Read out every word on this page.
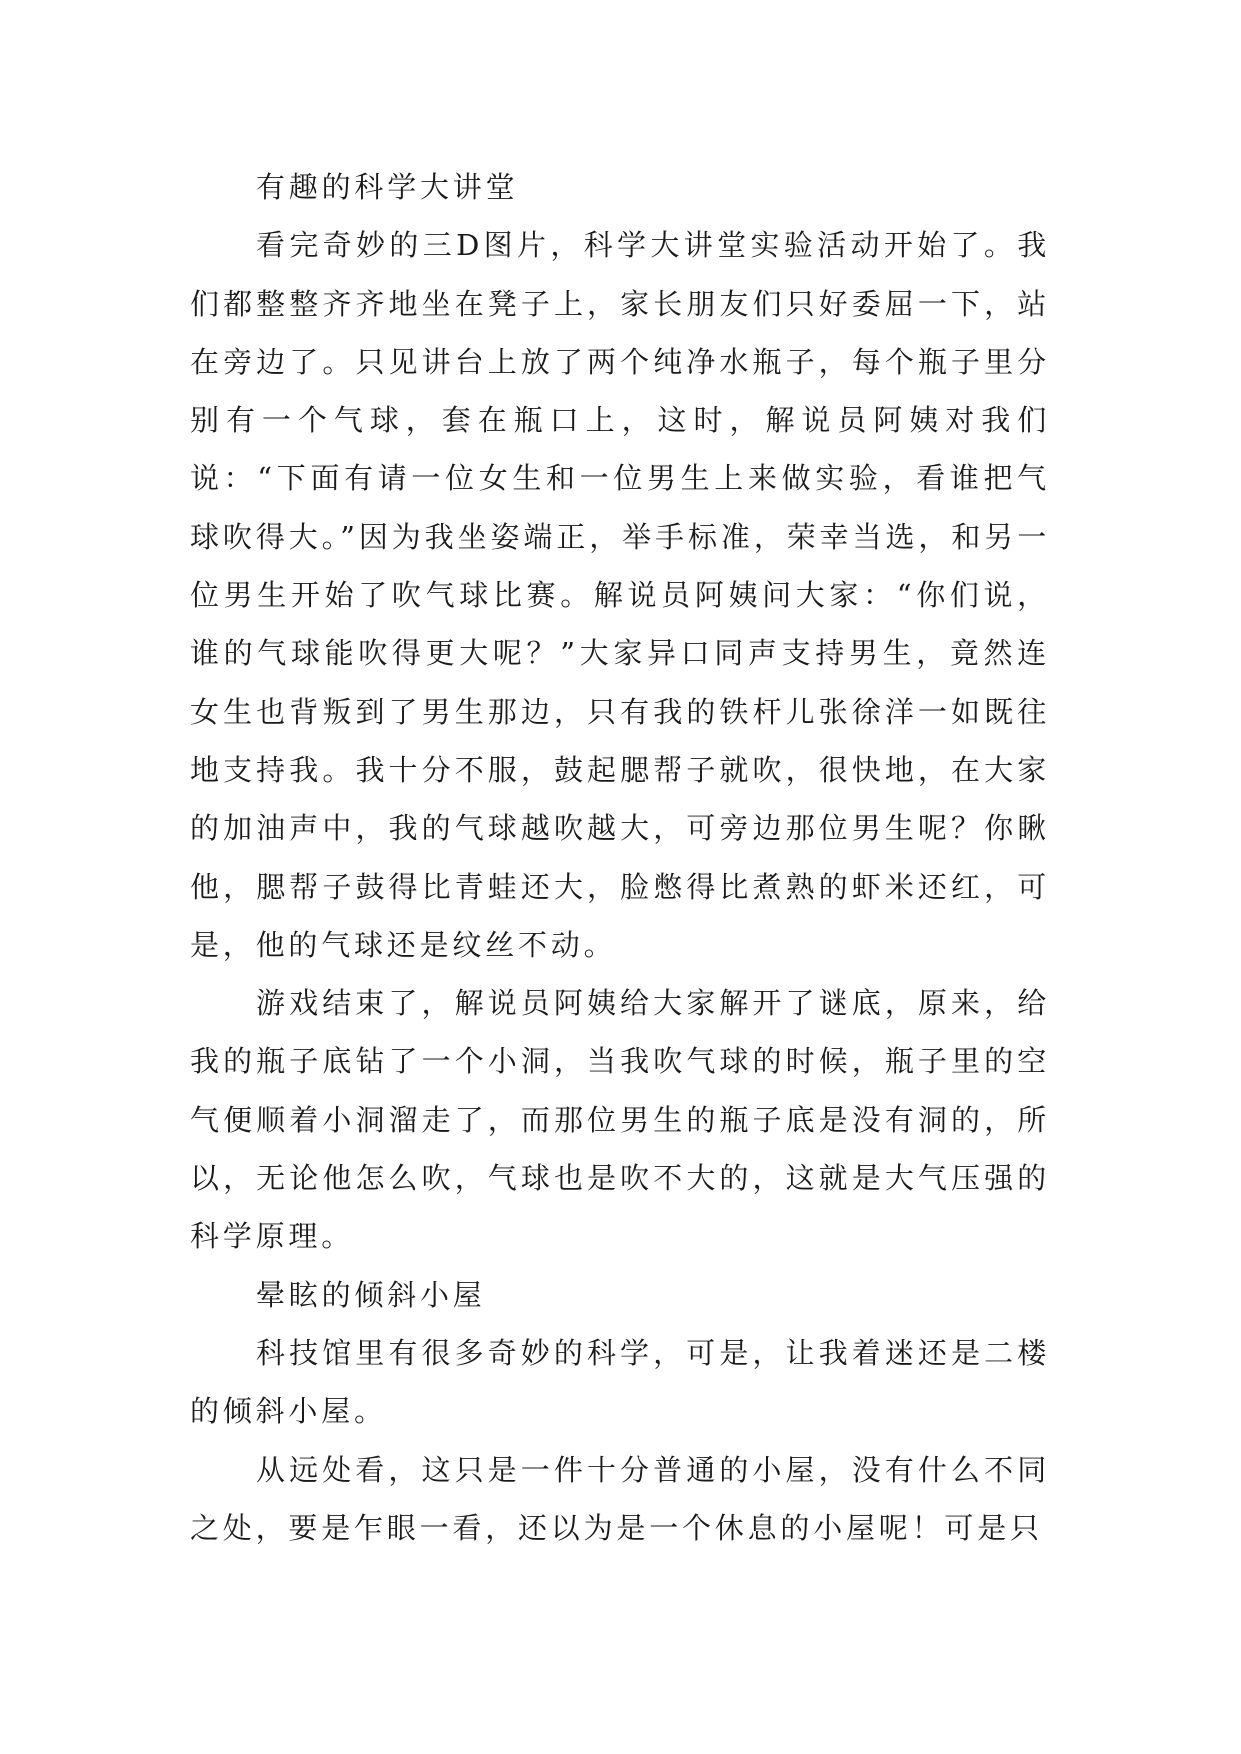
有趣的科学大讲堂

看完奇妙的三D图片，科学大讲堂实验活动开始了。我们都整整齐齐地坐在凳子上，家长朋友们只好委屈一下，站在旁边了。只见讲台上放了两个纯净水瓶子，每个瓶子里分别有一个气球，套在瓶口上，这时，解说员阿姨对我们说：“下面有请一位女生和一位男生上来做实验，看谁把气球吹得大。”因为我坐姿端正，举手标准，荣幸当选，和另一位男生开始了吹气球比赛。解说员阿姨问大家：“你们说，谁的气球能吹得更大呢？”大家异口同声支持男生，竟然连女生也背叛到了男生那边，只有我的铁杆儿张徐洋一如既往地支持我。我十分不服，鼓起腮帮子就吹，很快地，在大家的加油声中，我的气球越吹越大，可旁边那位男生呢？你瞅他，腮帮子鼓得比青蛙还大，脸憋得比煮熟的虾米还红，可是，他的气球还是纹丝不动。

游戏结束了，解说员阿姨给大家解开了谜底，原来，给我的瓶子底钻了一个小洞，当我吹气球的时候，瓶子里的空气便顺着小洞溜走了，而那位男生的瓶子底是没有洞的，所以，无论他怎么吹，气球也是吹不大的，这就是大气压强的科学原理。

晕眩的倾斜小屋

科技馆里有很多奇妙的科学，可是，让我着迷还是二楼的倾斜小屋。

从远处看，这只是一件十分普通的小屋，没有什么不同之处，要是乍眼一看，还以为是一个休息的小屋呢！可是只
